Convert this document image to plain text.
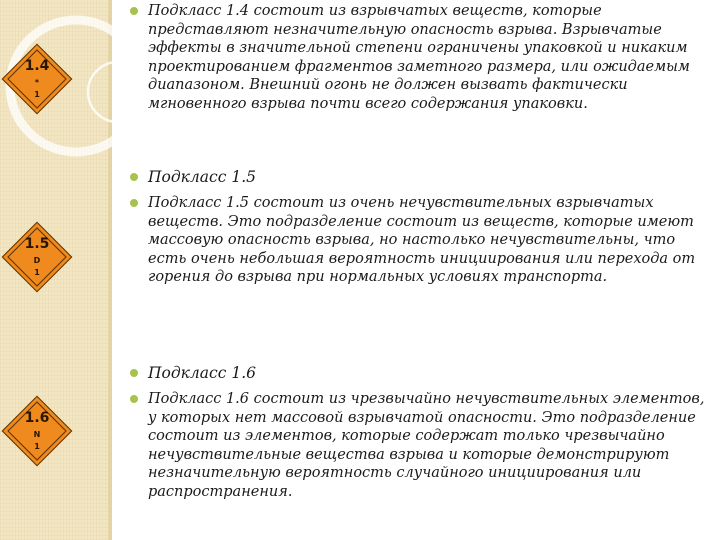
1.4
*
1
1.5
D
1
1.6
N
1

Подкласс 1.4 состоит из взрывчатых веществ, которые представляют незначительную опасность взрыва. Взрывчатые эффекты в значительной степени ограничены упаковкой и никаким проектированием фрагментов заметного размера, или ожидаемым диапазоном. Внешний огонь не должен вызвать фактически мгновенного взрыва почти всего содержания упаковки.

Подкласс 1.5

Подкласс 1.5 состоит из очень нечувствительных взрывчатых веществ. Это подразделение состоит из веществ, которые имеют массовую опасность взрыва, но настолько нечувствительны, что есть очень небольшая вероятность инициирования или перехода от горения до взрыва при нормальных условиях транспорта.

Подкласс 1.6

Подкласс 1.6 состоит из чрезвычайно нечувствительных элементов, у которых нет массовой взрывчатой опасности. Это подразделение состоит из элементов, которые содержат только чрезвычайно нечувствительные вещества взрыва и которые демонстрируют незначительную вероятность случайного инициирования или распространения.
